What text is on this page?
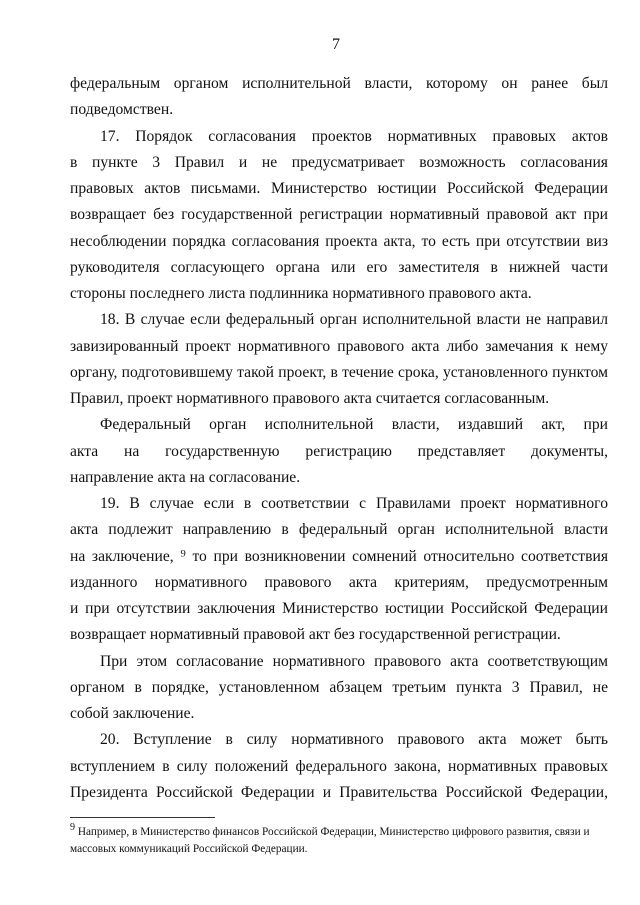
7
федеральным органом исполнительной власти, которому он ранее был
подведомствен.
17. Порядок согласования проектов нормативных правовых актов
в пункте 3 Правил и не предусматривает возможность согласования
правовых актов письмами. Министерство юстиции Российской Федерации
возвращает без государственной регистрации нормативный правовой акт при
несоблюдении порядка согласования проекта акта, то есть при отсутствии виз
руководителя согласующего органа или его заместителя в нижней части
стороны последнего листа подлинника нормативного правового акта.
18. В случае если федеральный орган исполнительной власти не направил
завизированный проект нормативного правового акта либо замечания к нему
органу, подготовившему такой проект, в течение срока, установленного пунктом
Правил, проект нормативного правового акта считается согласованным.
Федеральный орган исполнительной власти, издавший акт, при
акта на государственную регистрацию представляет документы,
направление акта на согласование.
19. В случае если в соответствии с Правилами проект нормативного
акта подлежит направлению в федеральный орган исполнительной власти
на заключение, ⁹ то при возникновении сомнений относительно соответствия
изданного нормативного правового акта критериям, предусмотренным
и при отсутствии заключения Министерство юстиции Российской Федерации
возвращает нормативный правовой акт без государственной регистрации.
При этом согласование нормативного правового акта соответствующим
органом в порядке, установленном абзацем третьим пункта 3 Правил, не
собой заключение.
20. Вступление в силу нормативного правового акта может быть
вступлением в силу положений федерального закона, нормативных правовых
Президента Российской Федерации и Правительства Российской Федерации,
$^9$ Например, в Министерство финансов Российской Федерации, Министерство цифрового развития, связи и массовых коммуникаций Российской Федерации.
